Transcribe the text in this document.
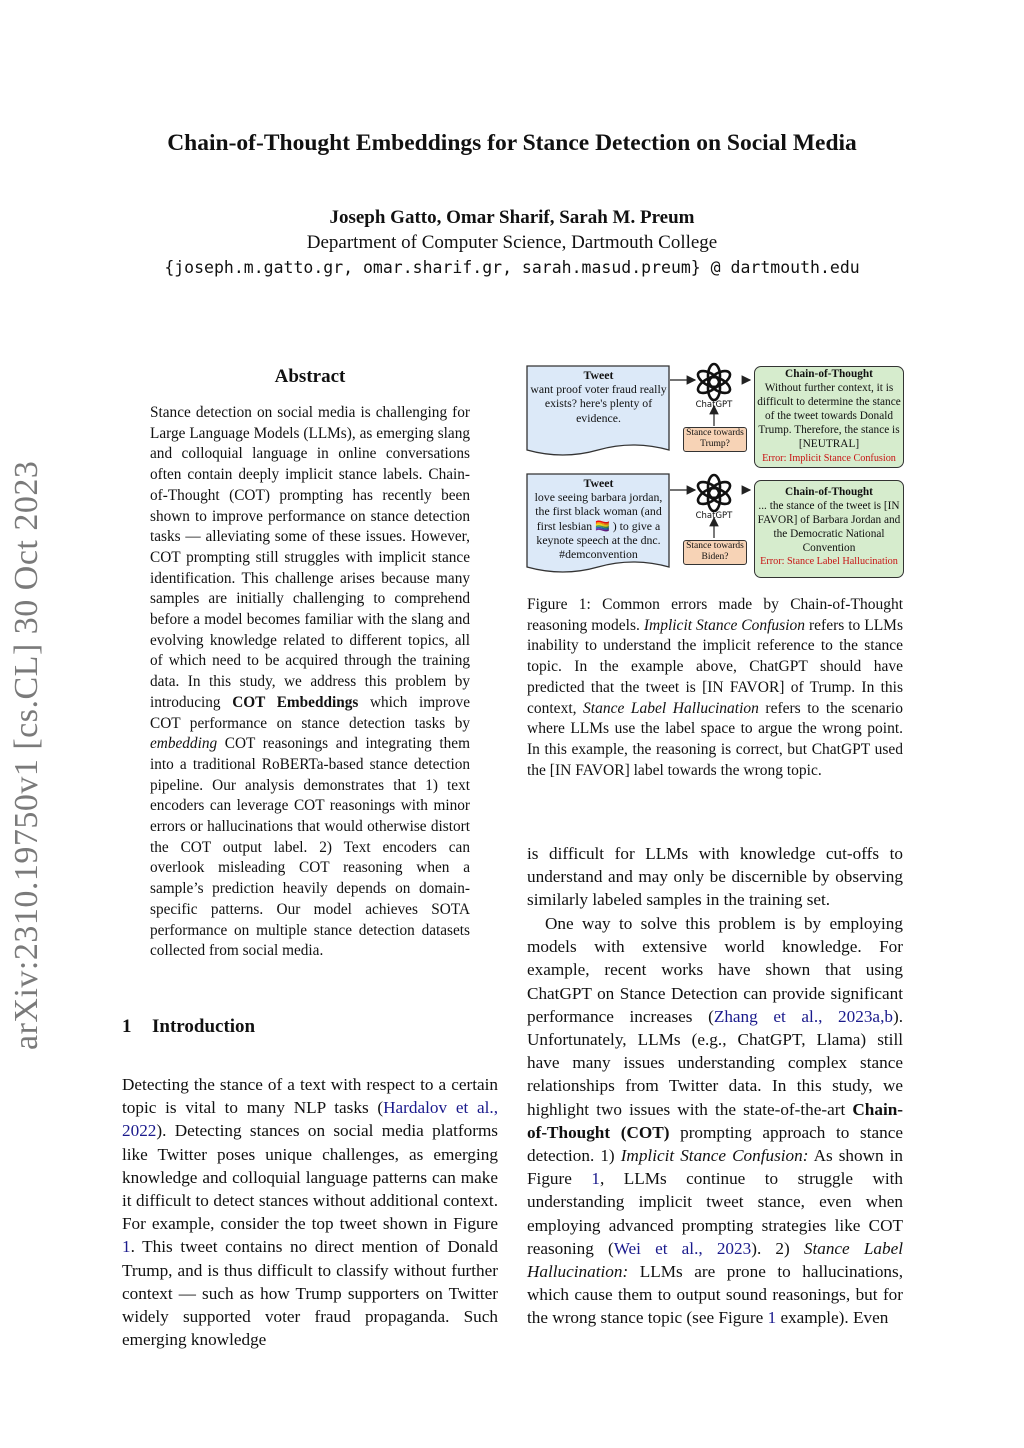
Chain-of-Thought Embeddings for Stance Detection on Social Media
Joseph Gatto, Omar Sharif, Sarah M. Preum
Department of Computer Science, Dartmouth College
{joseph.m.gatto.gr, omar.sharif.gr, sarah.masud.preum} @ dartmouth.edu
arXiv:2310.19750v1 [cs.CL] 30 Oct 2023
Abstract
Stance detection on social media is challenging for Large Language Models (LLMs), as emerging slang and colloquial language in online conversations often contain deeply implicit stance labels. Chain-of-Thought (COT) prompting has recently been shown to improve performance on stance detection tasks — alleviating some of these issues. However, COT prompting still struggles with implicit stance identification. This challenge arises because many samples are initially challenging to comprehend before a model becomes familiar with the slang and evolving knowledge related to different topics, all of which need to be acquired through the training data. In this study, we address this problem by introducing COT Embeddings which improve COT performance on stance detection tasks by embedding COT reasonings and integrating them into a traditional RoBERTa-based stance detection pipeline. Our analysis demonstrates that 1) text encoders can leverage COT reasonings with minor errors or hallucinations that would otherwise distort the COT output label. 2) Text encoders can overlook misleading COT reasoning when a sample’s prediction heavily depends on domain-specific patterns. Our model achieves SOTA performance on multiple stance detection datasets collected from social media.
1 Introduction
Detecting the stance of a text with respect to a certain topic is vital to many NLP tasks (Hardalov et al., 2022). Detecting stances on social media platforms like Twitter poses unique challenges, as emerging knowledge and colloquial language patterns can make it difficult to detect stances without additional context. For example, consider the top tweet shown in Figure 1. This tweet contains no direct mention of Donald Trump, and is thus difficult to classify without further context — such as how Trump supporters on Twitter widely supported voter fraud propaganda. Such emerging knowledge
Tweet
want proof voter fraud really exists? here's plenty of evidence.
ChatGPT
Stance towards Trump?
Chain-of-Thought
Without further context, it is difficult to determine the stance of the tweet towards Donald Trump. Therefore, the stance is [NEUTRAL]
Error: Implicit Stance Confusion
Tweet
love seeing barbara jordan, the first black woman (and first lesbian 🏳️‍🌈 ) to give a keynote speech at the dnc. #demconvention
ChatGPT
Stance towards Biden?
Chain-of-Thought
... the stance of the tweet is [IN FAVOR] of Barbara Jordan and the Democratic National Convention
Error: Stance Label Hallucination
Figure 1: Common errors made by Chain-of-Thought reasoning models. Implicit Stance Confusion refers to LLMs inability to understand the implicit reference to the stance topic. In the example above, ChatGPT should have predicted that the tweet is [IN FAVOR] of Trump. In this context, Stance Label Hallucination refers to the scenario where LLMs use the label space to argue the wrong point. In this example, the reasoning is correct, but ChatGPT used the [IN FAVOR] label towards the wrong topic.
is difficult for LLMs with knowledge cut-offs to understand and may only be discernible by observing similarly labeled samples in the training set.
One way to solve this problem is by employing models with extensive world knowledge. For example, recent works have shown that using ChatGPT on Stance Detection can provide significant performance increases (Zhang et al., 2023a,b). Unfortunately, LLMs (e.g., ChatGPT, Llama) still have many issues understanding complex stance relationships from Twitter data. In this study, we highlight two issues with the state-of-the-art Chain-of-Thought (COT) prompting approach to stance detection. 1) Implicit Stance Confusion: As shown in Figure 1, LLMs continue to struggle with understanding implicit tweet stance, even when employing advanced prompting strategies like COT reasoning (Wei et al., 2023). 2) Stance Label Hallucination: LLMs are prone to hallucinations, which cause them to output sound reasonings, but for the wrong stance topic (see Figure 1 example). Even
